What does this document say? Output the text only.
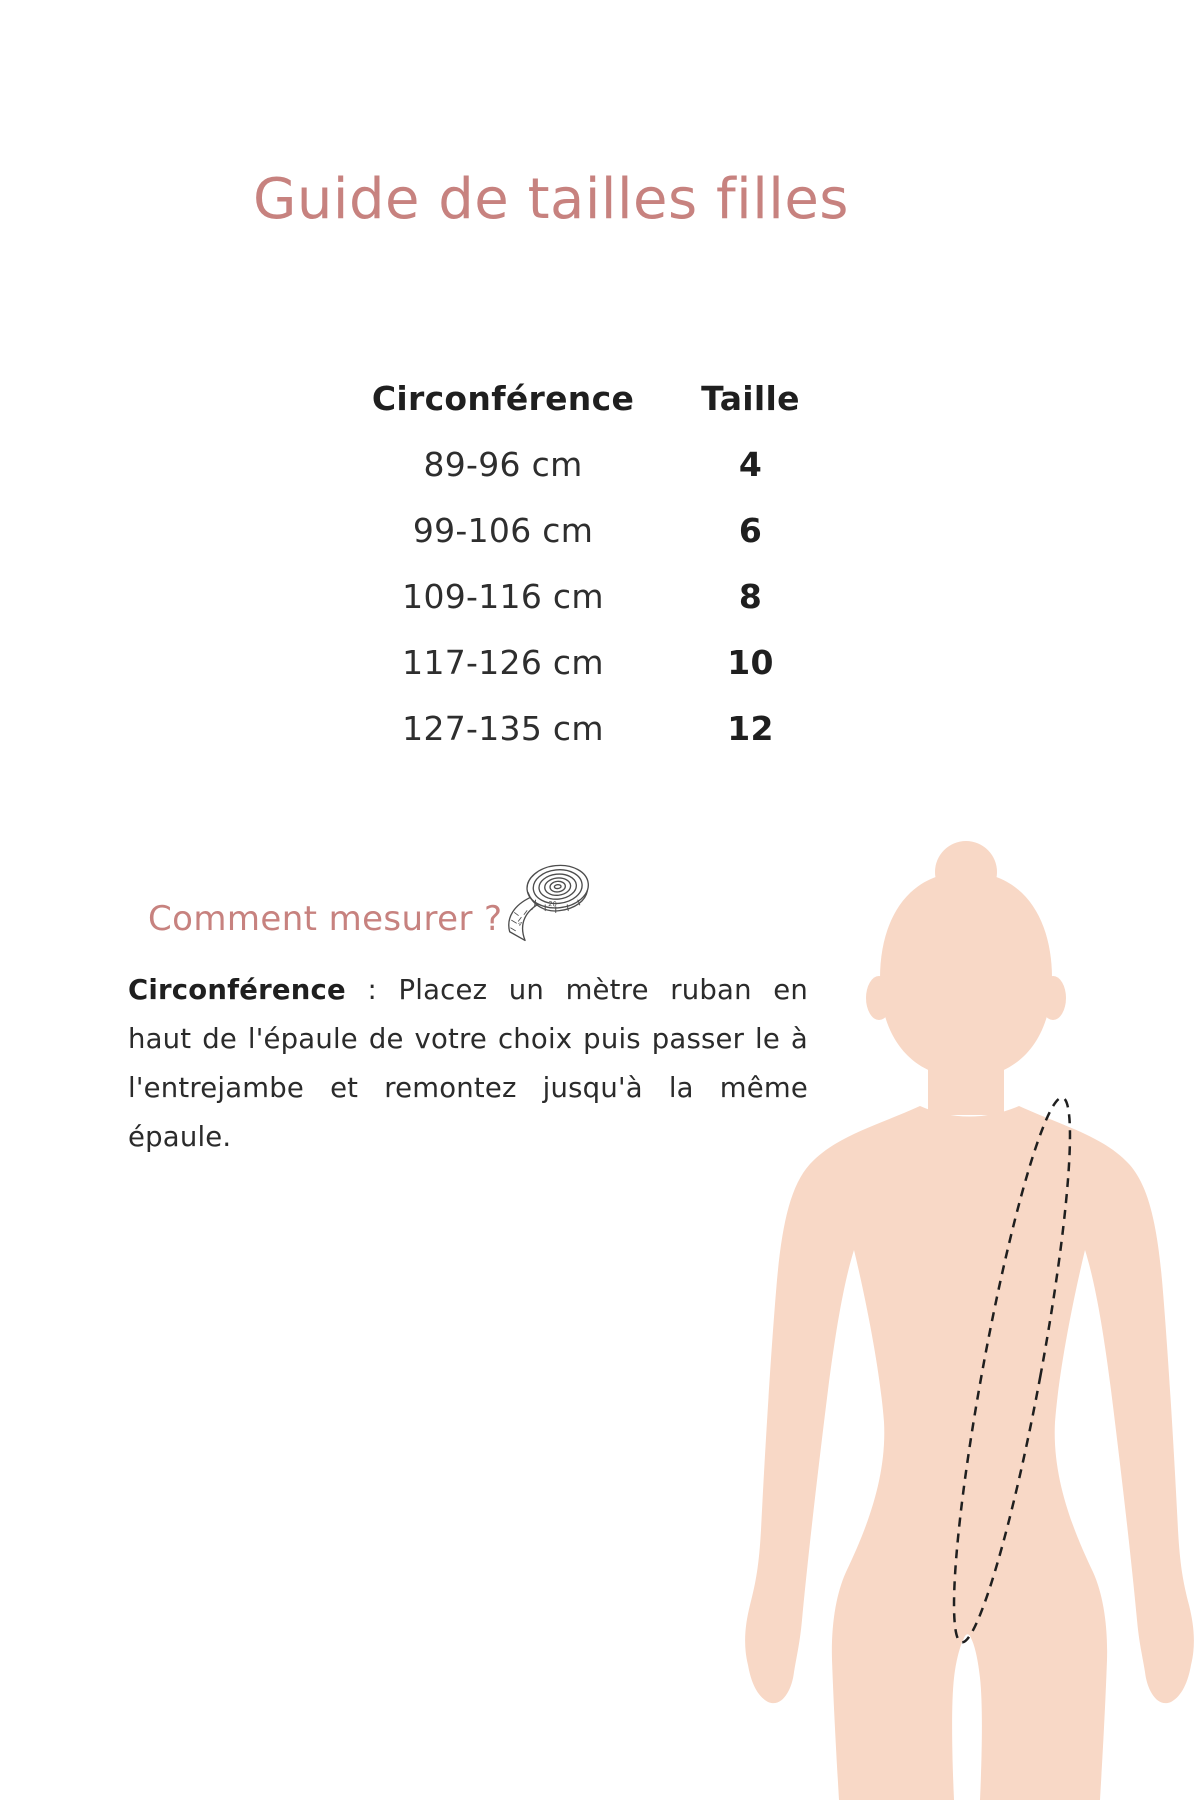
Guide de tailles filles
Circonférence	Taille
89-96 cm	4
99-106 cm	6
109-116 cm	8
117-126 cm	10
127-135 cm	12
Comment mesurer ?	20
4
Circonférence : Placez un mètre ruban en
haut de l'épaule de votre choix puis passer le à
l'entrejambe et remontez jusqu'à la même
épaule.
